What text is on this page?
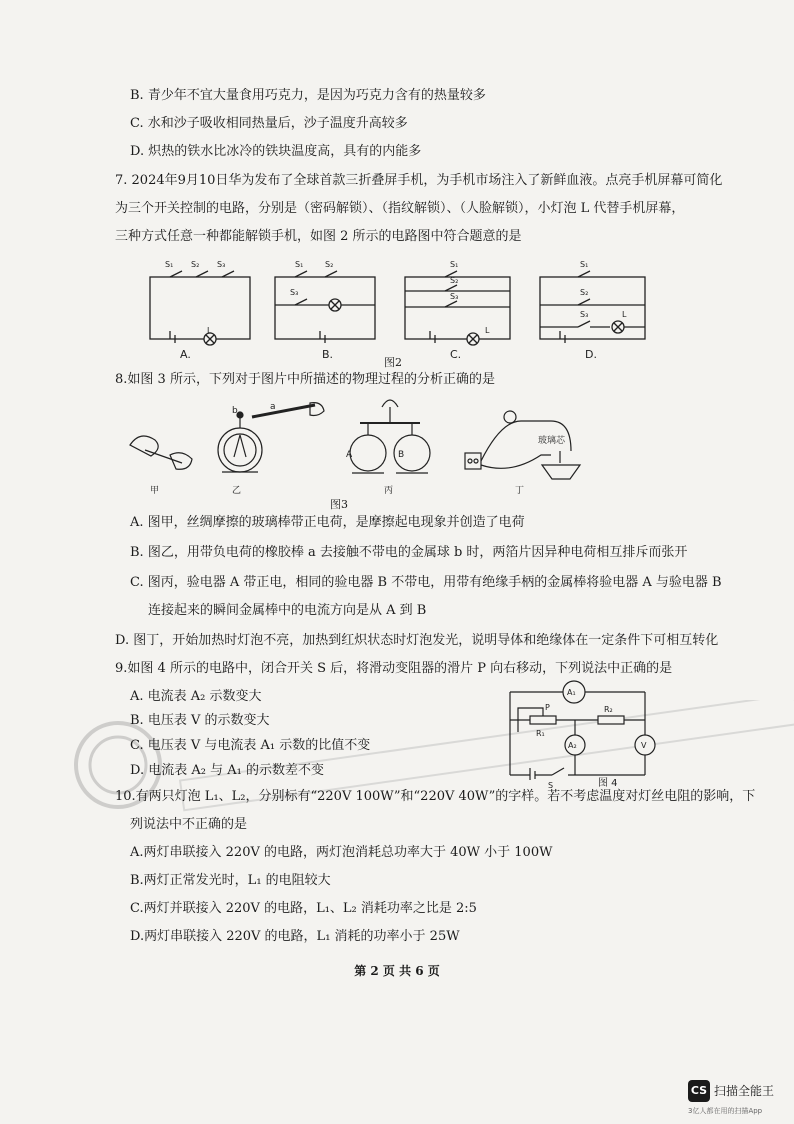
B. 青少年不宜大量食用巧克力，是因为巧克力含有的热量较多
C. 水和沙子吸收相同热量后，沙子温度升高较多
D. 炽热的铁水比冰冷的铁块温度高，具有的内能多
7. 2024年9月10日华为发布了全球首款三折叠屏手机，为手机市场注入了新鲜血液。点亮手机屏幕可简化
为三个开关控制的电路，分别是（密码解锁）、（指纹解锁）、（人脸解锁），小灯泡 L 代替手机屏幕，
三种方式任意一种都能解锁手机，如图 2 所示的电路图中符合题意的是
S₁ S₂ S₃
L
A.
S₁	S₂
S₃
B.
S₁
S₂
S₃
L
C.
S₁
S₂
S₃	L
D.
图2
8.如图 3 所示，下列对于图片中所描述的物理过程的分析正确的是
甲	乙	丙	丁
b	a
A	B
玻璃芯
图3
A. 图甲，丝绸摩擦的玻璃棒带正电荷，是摩擦起电现象并创造了电荷
B. 图乙，用带负电荷的橡胶棒 a 去接触不带电的金属球 b 时，两箔片因异种电荷相互排斥而张开
C. 图丙，验电器 A 带正电，相同的验电器 B 不带电，用带有绝缘手柄的金属棒将验电器 A 与验电器 B
连接起来的瞬间金属棒中的电流方向是从 A 到 B
D. 图丁，开始加热时灯泡不亮，加热到红炽状态时灯泡发光，说明导体和绝缘体在一定条件下可相互转化
9.如图 4 所示的电路中，闭合开关 S 后，将滑动变阻器的滑片 P 向右移动，下列说法中正确的是
A. 电流表 A₂ 示数变大
B. 电压表 V 的示数变大
C. 电压表 V 与电流表 A₁ 示数的比值不变
D. 电流表 A₂ 与 A₁ 的示数差不变
A₁
A₂	V
P
R₁
R₂
S	图 4
10.有两只灯泡 L₁、L₂，分别标有“220V 100W”和“220V 40W”的字样。若不考虑温度对灯丝电阻的影响，下
列说法中不正确的是
A.两灯串联接入 220V 的电路，两灯泡消耗总功率大于 40W 小于 100W
B.两灯正常发光时，L₁ 的电阻较大
C.两灯并联接入 220V 的电路，L₁、L₂ 消耗功率之比是 2:5
D.两灯串联接入 220V 的电路，L₁ 消耗的功率小于 25W
第 2 页 共 6 页
CS 扫描全能王
3亿人都在用的扫描App
